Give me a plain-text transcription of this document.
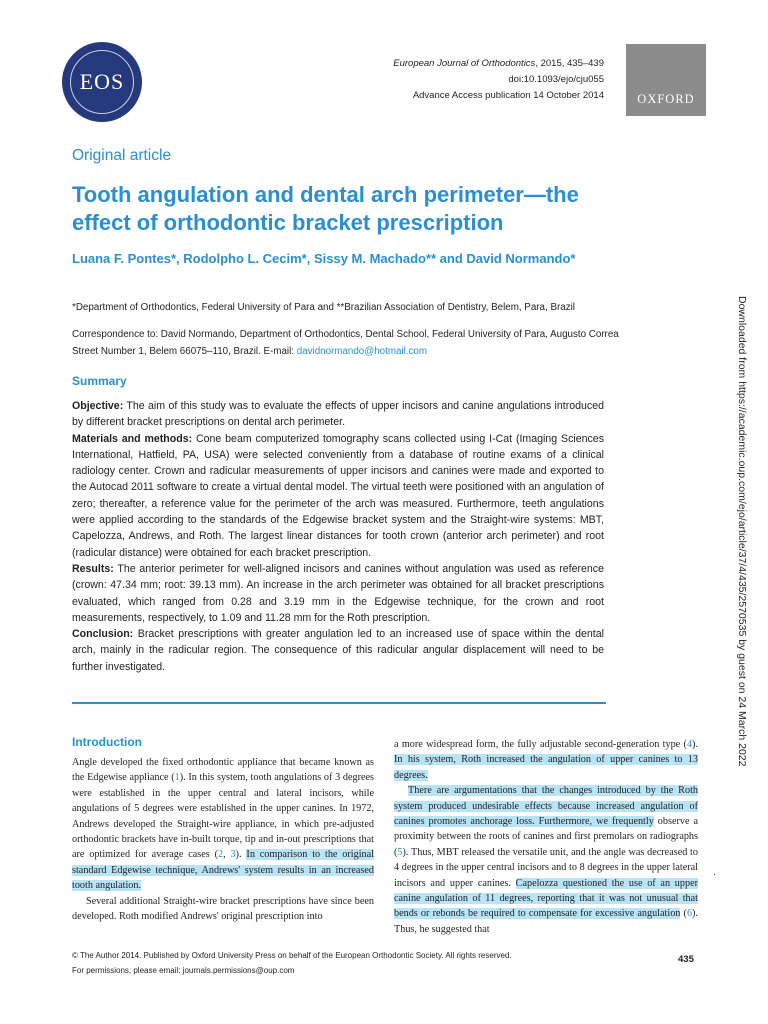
EOS
European Journal of Orthodontics, 2015, 435–439
doi:10.1093/ejo/cju055
Advance Access publication 14 October 2014	OXFORD
Original article
Tooth angulation and dental arch perimeter—the effect of orthodontic bracket prescription
Luana F. Pontes*, Rodolpho L. Cecim*, Sissy M. Machado** and David Normando*
*Department of Orthodontics, Federal University of Para and **Brazilian Association of Dentistry, Belem, Para, Brazil
Correspondence to: David Normando, Department of Orthodontics, Dental School, Federal University of Para, Augusto Correa Street Number 1, Belem 66075–110, Brazil. E-mail: davidnormando@hotmail.com
Summary

Objective: The aim of this study was to evaluate the effects of upper incisors and canine angulations introduced by different bracket prescriptions on dental arch perimeter.

Materials and methods: Cone beam computerized tomography scans collected using I-Cat (Imaging Sciences International, Hatfield, PA, USA) were selected conveniently from a database of routine exams of a clinical radiology center. Crown and radicular measurements of upper incisors and canines were made and exported to the Autocad 2011 software to create a virtual dental model. The virtual teeth were positioned with an angulation of zero; thereafter, a reference value for the perimeter of the arch was measured. Furthermore, teeth angulations were applied according to the standards of the Edgewise bracket system and the Straight-wire systems: MBT, Capelozza, Andrews, and Roth. The largest linear distances for tooth crown (anterior arch perimeter) and root (radicular distance) were obtained for each bracket prescription.

Results: The anterior perimeter for well-aligned incisors and canines without angulation was used as reference (crown: 47.34 mm; root: 39.13 mm). An increase in the arch perimeter was obtained for all bracket prescriptions evaluated, which ranged from 0.28 and 3.19 mm in the Edgewise technique, for the crown and root measurements, respectively, to 1.09 and 11.28 mm for the Roth prescription.

Conclusion: Bracket prescriptions with greater angulation led to an increased use of space within the dental arch, mainly in the radicular region. The consequence of this radicular angular displacement will need to be further investigated.

Introduction

Angle developed the fixed orthodontic appliance that became known as the Edgewise appliance (1). In this system, tooth angulations of 3 degrees were established in the upper central and lateral incisors, while angulations of 5 degrees were established in the upper canines. In 1972, Andrews developed the Straight-wire appliance, in which pre-adjusted orthodontic brackets have in-built torque, tip and in-out prescriptions that are optimized for average cases (2, 3). In comparison to the original standard Edgewise technique, Andrews' system results in an increased tooth angulation.

Several additional Straight-wire bracket prescriptions have since been developed. Roth modified Andrews' original prescription into

a more widespread form, the fully adjustable second-generation type (4). In his system, Roth increased the angulation of upper canines to 13 degrees.

There are argumentations that the changes introduced by the Roth system produced undesirable effects because increased angulation of canines promotes anchorage loss. Furthermore, we frequently observe a proximity between the roots of canines and first premolars on radiographs (5). Thus, MBT released the versatile unit, and the angle was decreased to 4 degrees in the upper central incisors and to 8 degrees in the upper lateral incisors and upper canines. Capelozza questioned the use of an upper canine angulation of 11 degrees, reporting that it was not unusual that bends or rebonds be required to compensate for excessive angulation (6). Thus, he suggested that

Downloaded from https://academic.oup.com/ejo/article/37/4/435/2570535 by guest on 24 March 2022
·
© The Author 2014. Published by Oxford University Press on behalf of the European Orthodontic Society. All rights reserved.
For permissions, please email: journals.permissions@oup.com
435
